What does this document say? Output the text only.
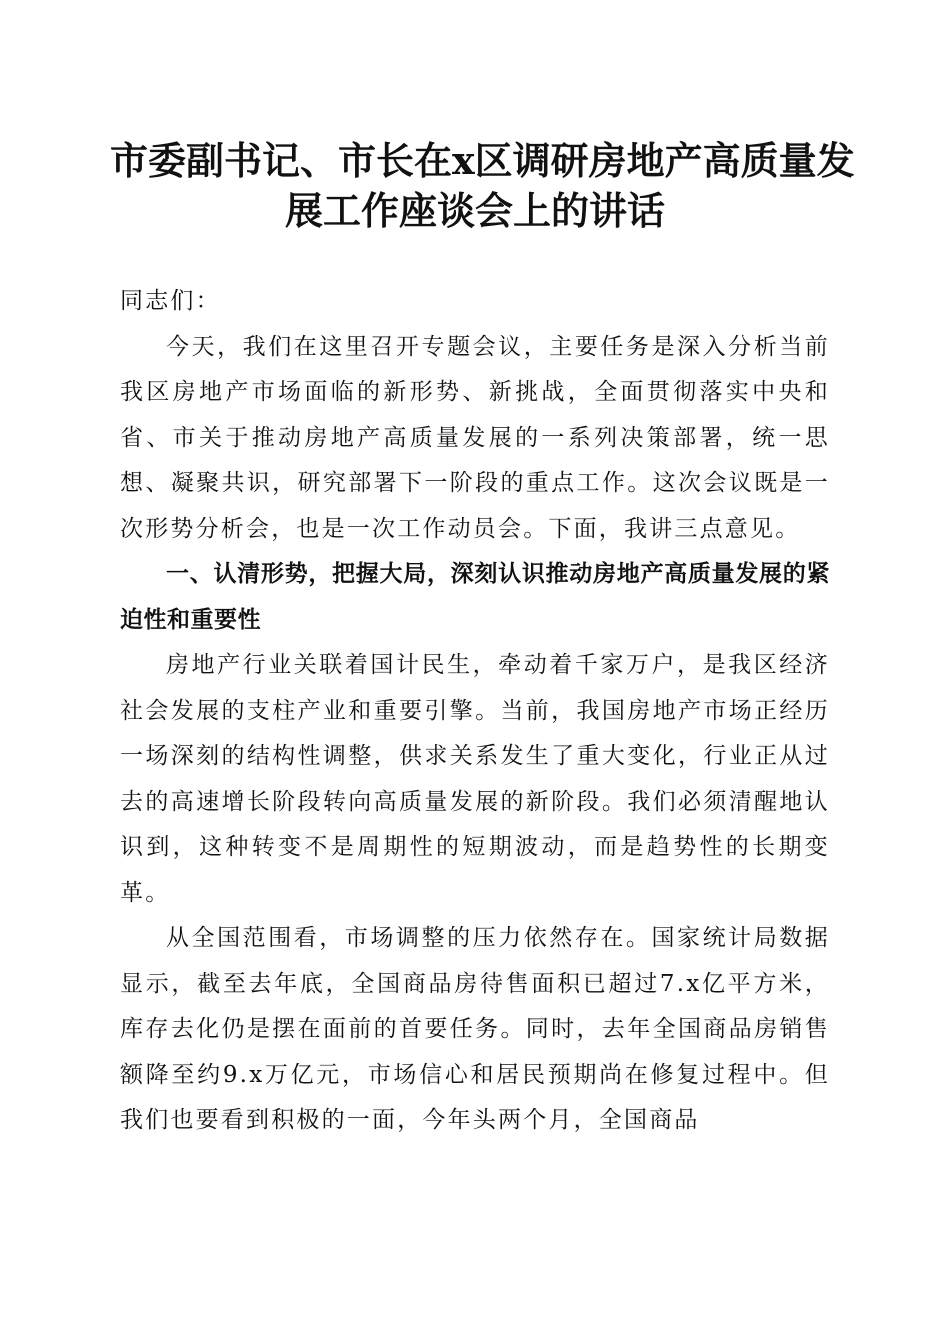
市委副书记、市长在x区调研房地产高质量发
展工作座谈会上的讲话

同志们：

今天，我们在这里召开专题会议，主要任务是深入分析当前我区房地产市场面临的新形势、新挑战，全面贯彻落实中央和省、市关于推动房地产高质量发展的一系列决策部署，统一思想、凝聚共识，研究部署下一阶段的重点工作。这次会议既是一次形势分析会，也是一次工作动员会。下面，我讲三点意见。

一、认清形势，把握大局，深刻认识推动房地产高质量发展的紧迫性和重要性

房地产行业关联着国计民生，牵动着千家万户，是我区经济社会发展的支柱产业和重要引擎。当前，我国房地产市场正经历一场深刻的结构性调整，供求关系发生了重大变化，行业正从过去的高速增长阶段转向高质量发展的新阶段。我们必须清醒地认识到，这种转变不是周期性的短期波动，而是趋势性的长期变革。

从全国范围看，市场调整的压力依然存在。国家统计局数据显示，截至去年底，全国商品房待售面积已超过7.x亿平方米，库存去化仍是摆在面前的首要任务。同时，去年全国商品房销售额降至约9.x万亿元，市场信心和居民预期尚在修复过程中。但我们也要看到积极的一面，今年头两个月，全国商品
